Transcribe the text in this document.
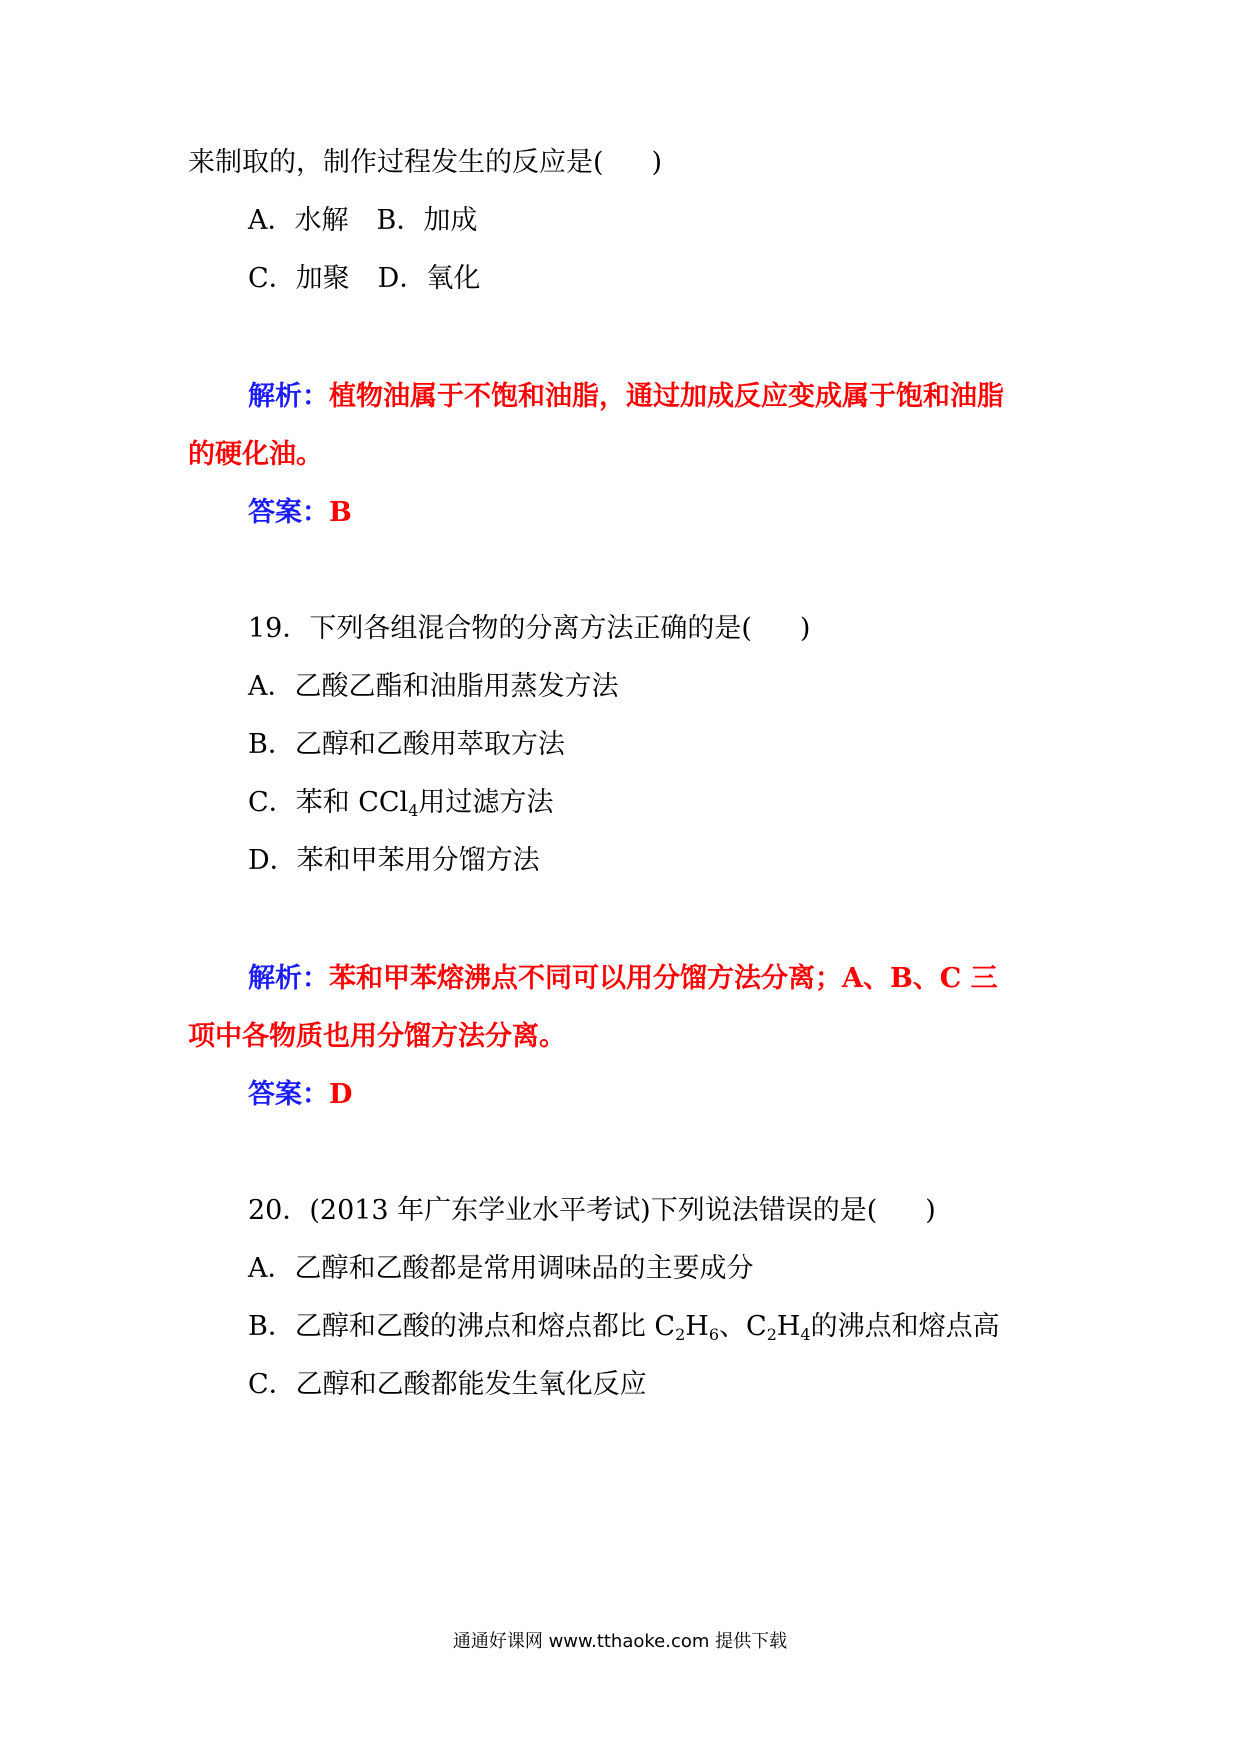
来制取的，制作过程发生的反应是( )
A．水解 B．加成
C．加聚 D．氧化
解析：植物油属于不饱和油脂，通过加成反应变成属于饱和油脂
的硬化油。
答案：B
19．下列各组混合物的分离方法正确的是( )
A．乙酸乙酯和油脂用蒸发方法
B．乙醇和乙酸用萃取方法
C．苯和 CCl$_4$用过滤方法
D．苯和甲苯用分馏方法
解析：苯和甲苯熔沸点不同可以用分馏方法分离；A、B、C 三
项中各物质也用分馏方法分离。
答案：D
20．(2013 年广东学业水平考试)下列说法错误的是( )
A．乙醇和乙酸都是常用调味品的主要成分
B．乙醇和乙酸的沸点和熔点都比 $C_2H_6$、$C_2H_4$的沸点和熔点高
C．乙醇和乙酸都能发生氧化反应
通通好课网 www.tthaoke.com 提供下载
